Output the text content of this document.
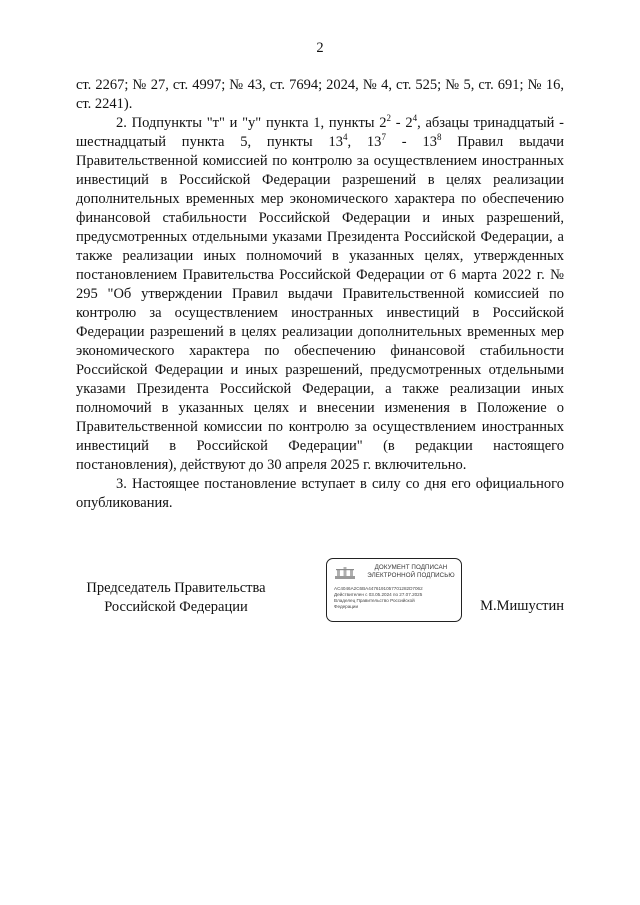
2

ст. 2267; № 27, ст. 4997; № 43, ст. 7694; 2024, № 4, ст. 525; № 5, ст. 691; № 16, ст. 2241).

2. Подпункты "т" и "у" пункта 1, пункты $2^2 - 2^4$, абзацы тринадцатый - шестнадцатый пункта 5, пункты $13^4$, $13^7 - 13^8$ Правил выдачи Правительственной комиссией по контролю за осуществлением иностранных инвестиций в Российской Федерации разрешений в целях реализации дополнительных временных мер экономического характера по обеспечению финансовой стабильности Российской Федерации и иных разрешений, предусмотренных отдельными указами Президента Российской Федерации, а также реализации иных полномочий в указанных целях, утвержденных постановлением Правительства Российской Федерации от 6 марта 2022 г. № 295 "Об утверждении Правил выдачи Правительственной комиссией по контролю за осуществлением иностранных инвестиций в Российской Федерации разрешений в целях реализации дополнительных временных мер экономического характера по обеспечению финансовой стабильности Российской Федерации и иных разрешений, предусмотренных отдельными указами Президента Российской Федерации, а также реализации иных полномочий в указанных целях и внесении изменения в Положение о Правительственной комиссии по контролю за осуществлением иностранных инвестиций в Российской Федерации" (в редакции настоящего постановления), действуют до 30 апреля 2025 г. включительно.

3. Настоящее постановление вступает в силу со дня его официального опубликования.

Председатель Правительства
Российской Федерации
ДОКУМЕНТ ПОДПИСАН
ЭЛЕКТРОННОЙ ПОДПИСЬЮ
AC4046A2C6BA4476191057701282D7062
Действителен с 03.05.2024 по 27.07.2025
Владелец Правительство Российской
Федерации	М.Мишустин
